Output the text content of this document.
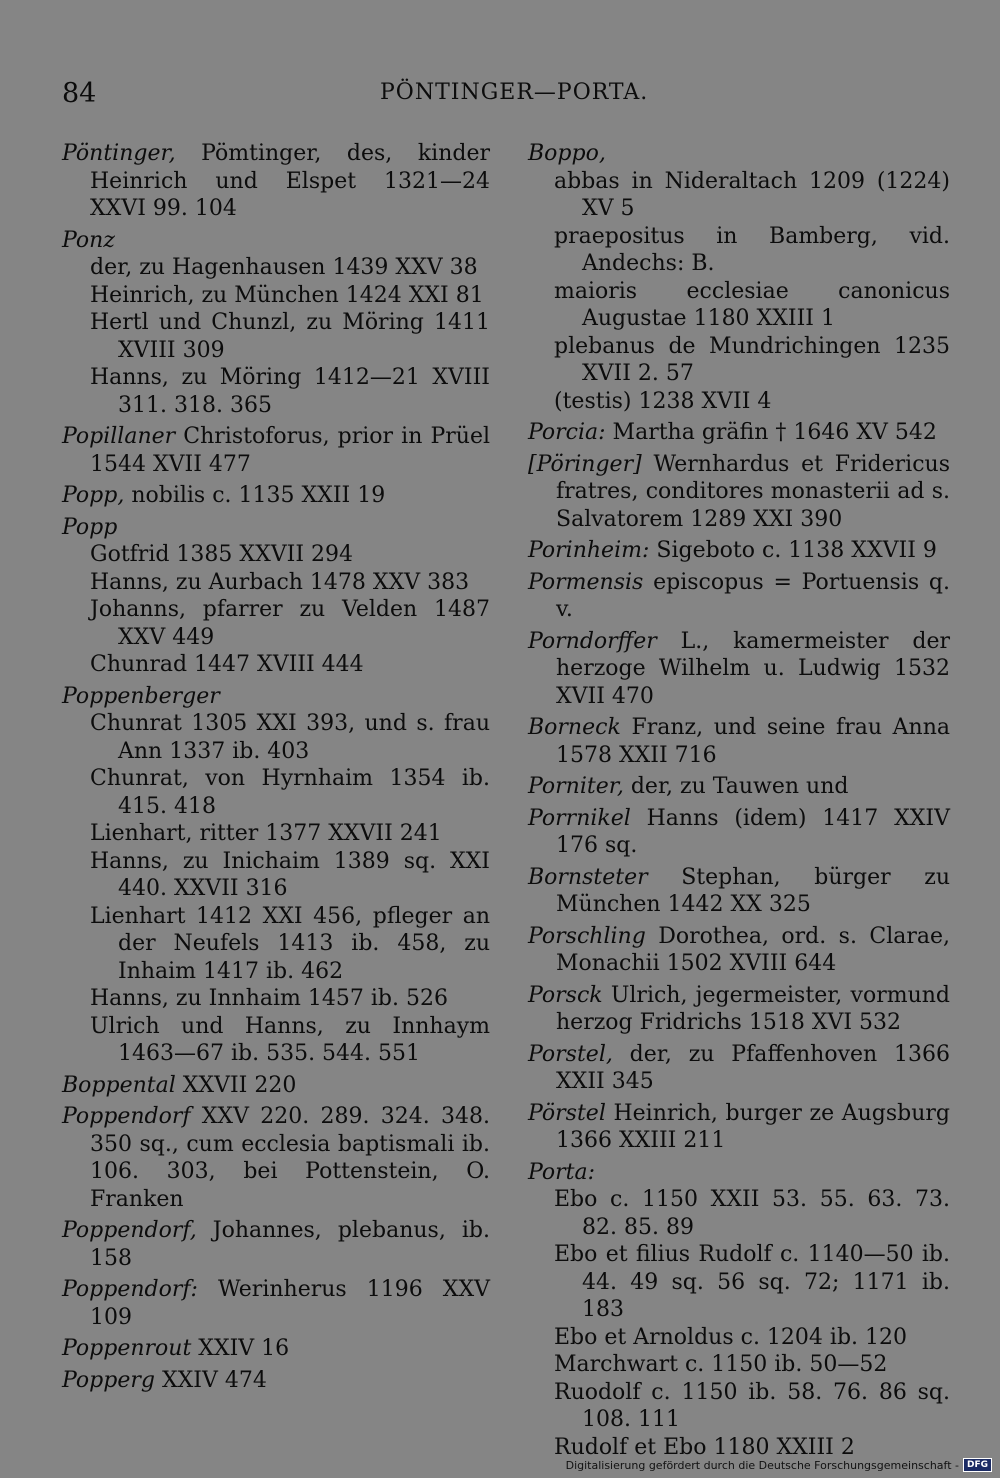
84	PÖNTINGER—PORTA.
Pöntinger, Pömtinger, des, kinder Heinrich und Elspet 1321—24 XXVI 99. 104
Ponz
der, zu Hagenhausen 1439 XXV 38
Heinrich, zu München 1424 XXI 81
Hertl und Chunzl, zu Möring 1411 XVIII 309
Hanns, zu Möring 1412—21 XVIII 311. 318. 365
Popillaner Christoforus, prior in Prüel 1544 XVII 477
Popp, nobilis c. 1135 XXII 19
Popp
Gotfrid 1385 XXVII 294
Hanns, zu Aurbach 1478 XXV 383
Johanns, pfarrer zu Velden 1487 XXV 449
Chunrad 1447 XVIII 444
Poppenberger
Chunrat 1305 XXI 393, und s. frau Ann 1337 ib. 403
Chunrat, von Hyrnhaim 1354 ib. 415. 418
Lienhart, ritter 1377 XXVII 241
Hanns, zu Inichaim 1389 sq. XXI 440. XXVII 316
Lienhart 1412 XXI 456, pfleger an der Neufels 1413 ib. 458, zu Inhaim 1417 ib. 462
Hanns, zu Innhaim 1457 ib. 526
Ulrich und Hanns, zu Innhaym 1463—67 ib. 535. 544. 551
Boppental XXVII 220
Poppendorf XXV 220. 289. 324. 348. 350 sq., cum ecclesia baptismali ib. 106. 303, bei Pottenstein, O. Franken
Poppendorf, Johannes, plebanus, ib. 158
Poppendorf: Werinherus 1196 XXV 109
Poppenrout XXIV 16
Popperg XXIV 474
Boppo,
abbas in Nideraltach 1209 (1224) XV 5
praepositus in Bamberg, vid. Andechs: B.
maioris ecclesiae canonicus Augustae 1180 XXIII 1
plebanus de Mundrichingen 1235 XVII 2. 57
(testis) 1238 XVII 4
Porcia: Martha gräfin † 1646 XV 542
[Pöringer] Wernhardus et Fridericus fratres, conditores monasterii ad s. Salvatorem 1289 XXI 390
Porinheim: Sigeboto c. 1138 XXVII 9
Pormensis episcopus = Portuensis q. v.
Porndorffer L., kamermeister der herzoge Wilhelm u. Ludwig 1532 XVII 470
Borneck Franz, und seine frau Anna 1578 XXII 716
Porniter, der, zu Tauwen und
Porrnikel Hanns (idem) 1417 XXIV 176 sq.
Bornsteter Stephan, bürger zu München 1442 XX 325
Porschling Dorothea, ord. s. Clarae, Monachii 1502 XVIII 644
Porsck Ulrich, jegermeister, vormund herzog Fridrichs 1518 XVI 532
Porstel, der, zu Pfaffenhoven 1366 XXII 345
Pörstel Heinrich, burger ze Augsburg 1366 XXIII 211
Porta:
Ebo c. 1150 XXII 53. 55. 63. 73. 82. 85. 89
Ebo et filius Rudolf c. 1140—50 ib. 44. 49 sq. 56 sq. 72; 1171 ib. 183
Ebo et Arnoldus c. 1204 ib. 120
Marchwart c. 1150 ib. 50—52
Ruodolf c. 1150 ib. 58. 76. 86 sq. 108. 111
Rudolf et Ebo 1180 XXIII 2
Digitalisierung gefördert durch die Deutsche Forschungsgemeinschaft - DFG
